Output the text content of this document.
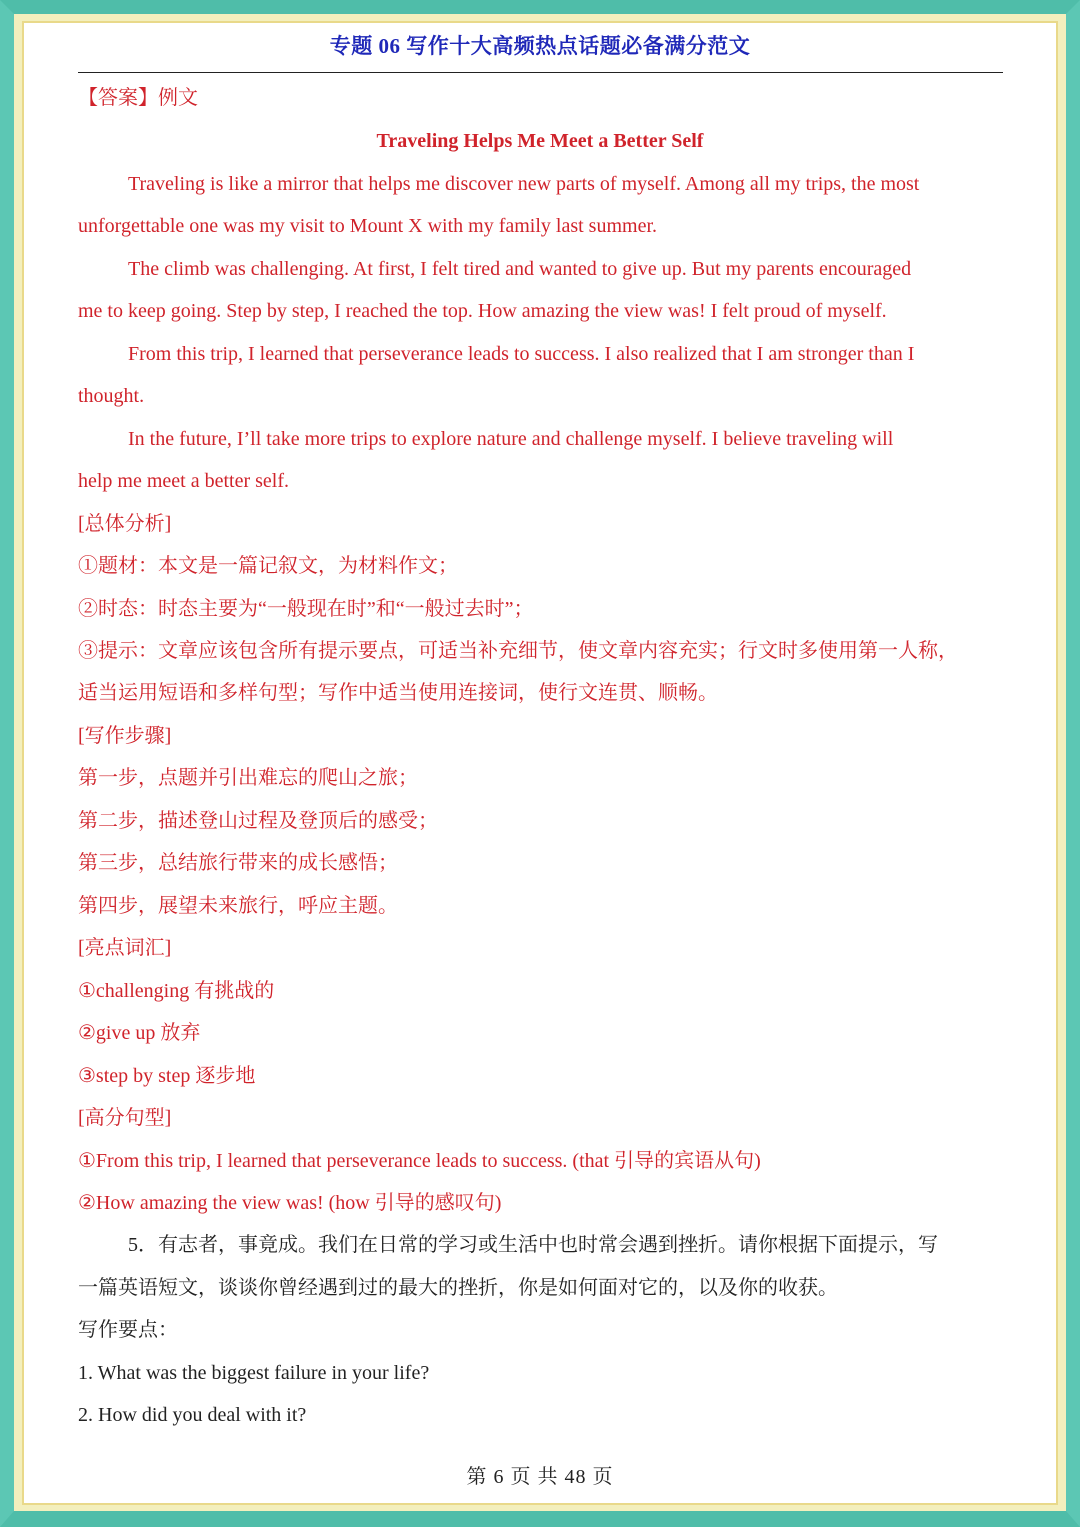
专题 06 写作十大高频热点话题必备满分范文
【答案】例文
Traveling Helps Me Meet a Better Self
Traveling is like a mirror that helps me discover new parts of myself. Among all my trips, the most
unforgettable one was my visit to Mount X with my family last summer.
The climb was challenging. At first, I felt tired and wanted to give up. But my parents encouraged
me to keep going. Step by step, I reached the top. How amazing the view was! I felt proud of myself.
From this trip, I learned that perseverance leads to success. I also realized that I am stronger than I
thought.
In the future, I’ll take more trips to explore nature and challenge myself. I believe traveling will
help me meet a better self.
[总体分析]
①题材：本文是一篇记叙文，为材料作文；
②时态：时态主要为“一般现在时”和“一般过去时”；
③提示：文章应该包含所有提示要点，可适当补充细节，使文章内容充实；行文时多使用第一人称，
适当运用短语和多样句型；写作中适当使用连接词，使行文连贯、顺畅。
[写作步骤]
第一步，点题并引出难忘的爬山之旅；
第二步，描述登山过程及登顶后的感受；
第三步，总结旅行带来的成长感悟；
第四步，展望未来旅行，呼应主题。
[亮点词汇]
①challenging 有挑战的
②give up 放弃
③step by step 逐步地
[高分句型]
①From this trip, I learned that perseverance leads to success. (that 引导的宾语从句)
②How amazing the view was! (how 引导的感叹句)
5．有志者，事竟成。我们在日常的学习或生活中也时常会遇到挫折。请你根据下面提示，写
一篇英语短文，谈谈你曾经遇到过的最大的挫折，你是如何面对它的，以及你的收获。
写作要点：
1. What was the biggest failure in your life?
2. How did you deal with it?
第 6 页 共 48 页
